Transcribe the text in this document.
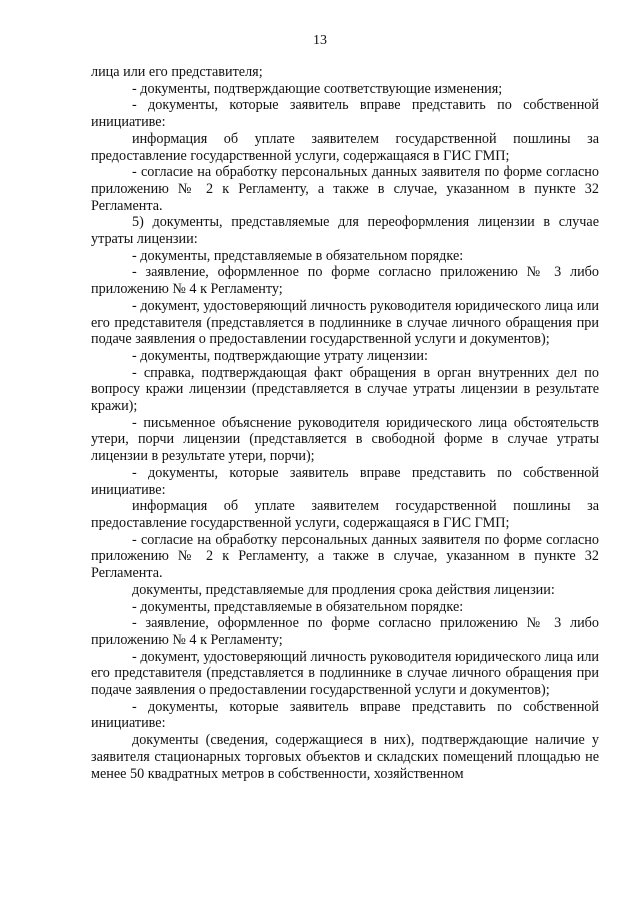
13

лица или его представителя;

- документы, подтверждающие соответствующие изменения;

- документы, которые заявитель вправе представить по собственной инициативе:

информация об уплате заявителем государственной пошлины за предоставление государственной услуги, содержащаяся в ГИС ГМП;

- согласие на обработку персональных данных заявителя по форме согласно приложению № 2 к Регламенту, а также в случае, указанном в пункте 32 Регламента.

5) документы, представляемые для переоформления лицензии в случае утраты лицензии:

- документы, представляемые в обязательном порядке:

- заявление, оформленное по форме согласно приложению № 3 либо приложению № 4 к Регламенту;

- документ, удостоверяющий личность руководителя юридического лица или его представителя (представляется в подлиннике в случае личного обращения при подаче заявления о предоставлении государственной услуги и документов);

- документы, подтверждающие утрату лицензии:

- справка, подтверждающая факт обращения в орган внутренних дел по вопросу кражи лицензии (представляется в случае утраты лицензии в результате кражи);

- письменное объяснение руководителя юридического лица обстоятельств утери, порчи лицензии (представляется в свободной форме в случае утраты лицензии в результате утери, порчи);

- документы, которые заявитель вправе представить по собственной инициативе:

информация об уплате заявителем государственной пошлины за предоставление государственной услуги, содержащаяся в ГИС ГМП;

- согласие на обработку персональных данных заявителя по форме согласно приложению № 2 к Регламенту, а также в случае, указанном в пункте 32 Регламента.

документы, представляемые для продления срока действия лицензии:

- документы, представляемые в обязательном порядке:

- заявление, оформленное по форме согласно приложению № 3 либо приложению № 4 к Регламенту;

- документ, удостоверяющий личность руководителя юридического лица или его представителя (представляется в подлиннике в случае личного обращения при подаче заявления о предоставлении государственной услуги и документов);

- документы, которые заявитель вправе представить по собственной инициативе:

документы (сведения, содержащиеся в них), подтверждающие наличие у заявителя стационарных торговых объектов и складских помещений площадью не менее 50 квадратных метров в собственности, хозяйственном
